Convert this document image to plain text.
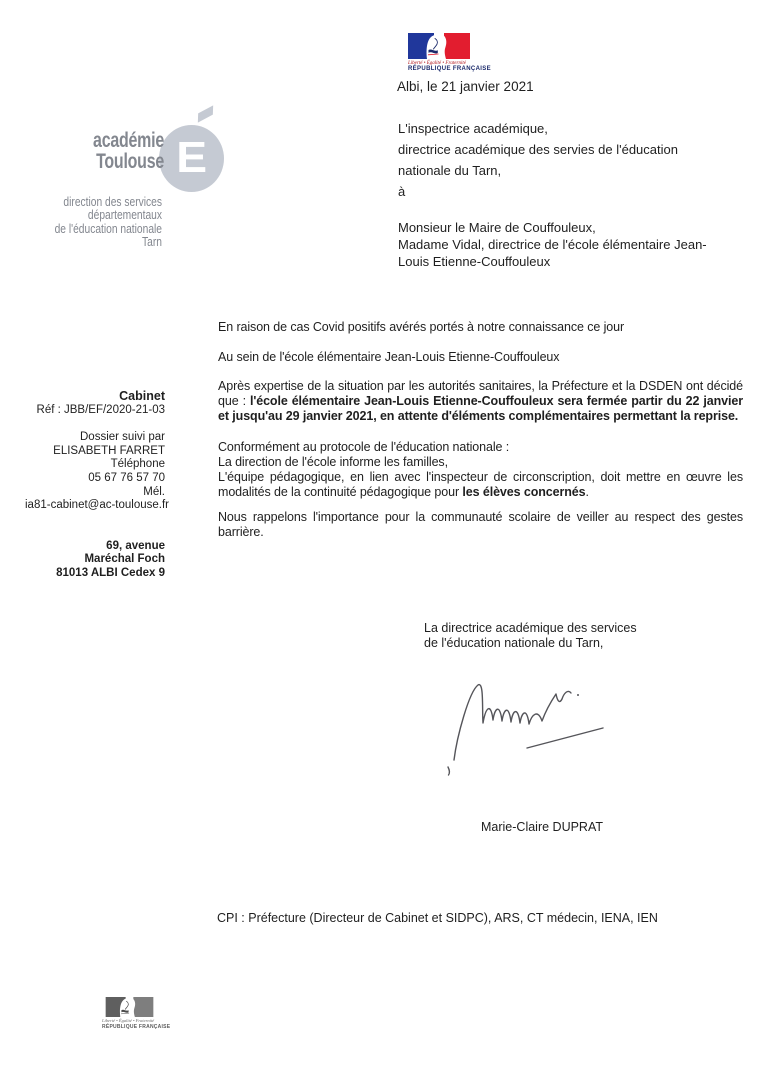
Liberté • Égalité • Fraternité
RÉPUBLIQUE FRANÇAISE
Albi, le 21 janvier 2021
E
académie
Toulouse
direction des services
départementaux
de l'éducation nationale
Tarn
L'inspectrice académique,
directrice académique des servies de l'éducation
nationale du Tarn,
à
Monsieur le Maire de Couffouleux,
Madame Vidal, directrice de l'école élémentaire Jean-
Louis Etienne-Couffouleux
Cabinet
Réf : JBB/EF/2020-21-03
Dossier suivi par
ELISABETH FARRET
Téléphone
05 67 76 57 70
Mél.
ia81-cabinet@ac-toulouse.fr
69, avenue
Maréchal Foch
81013 ALBI Cedex 9

En raison de cas Covid positifs avérés portés à notre connaissance ce jour

Au sein de l'école élémentaire Jean-Louis Etienne-Couffouleux

Après expertise de la situation par les autorités sanitaires, la Préfecture et la DSDEN ont décidé que : l'école élémentaire Jean-Louis Etienne-Couffouleux sera fermée partir du 22 janvier et jusqu'au 29 janvier 2021, en attente d'éléments complémentaires permettant la reprise.

Conformément au protocole de l'éducation nationale :
La direction de l'école informe les familles,

L'équipe pédagogique, en lien avec l'inspecteur de circonscription, doit mettre en œuvre les modalités de la continuité pédagogique pour les élèves concernés.

Nous rappelons l'importance pour la communauté scolaire de veiller au respect des gestes barrière.

La directrice académique des services
de l'éducation nationale du Tarn,
Marie-Claire DUPRAT
CPI : Préfecture (Directeur de Cabinet et SIDPC), ARS, CT médecin, IENA, IEN
Liberté • Égalité • Fraternité
RÉPUBLIQUE FRANÇAISE
